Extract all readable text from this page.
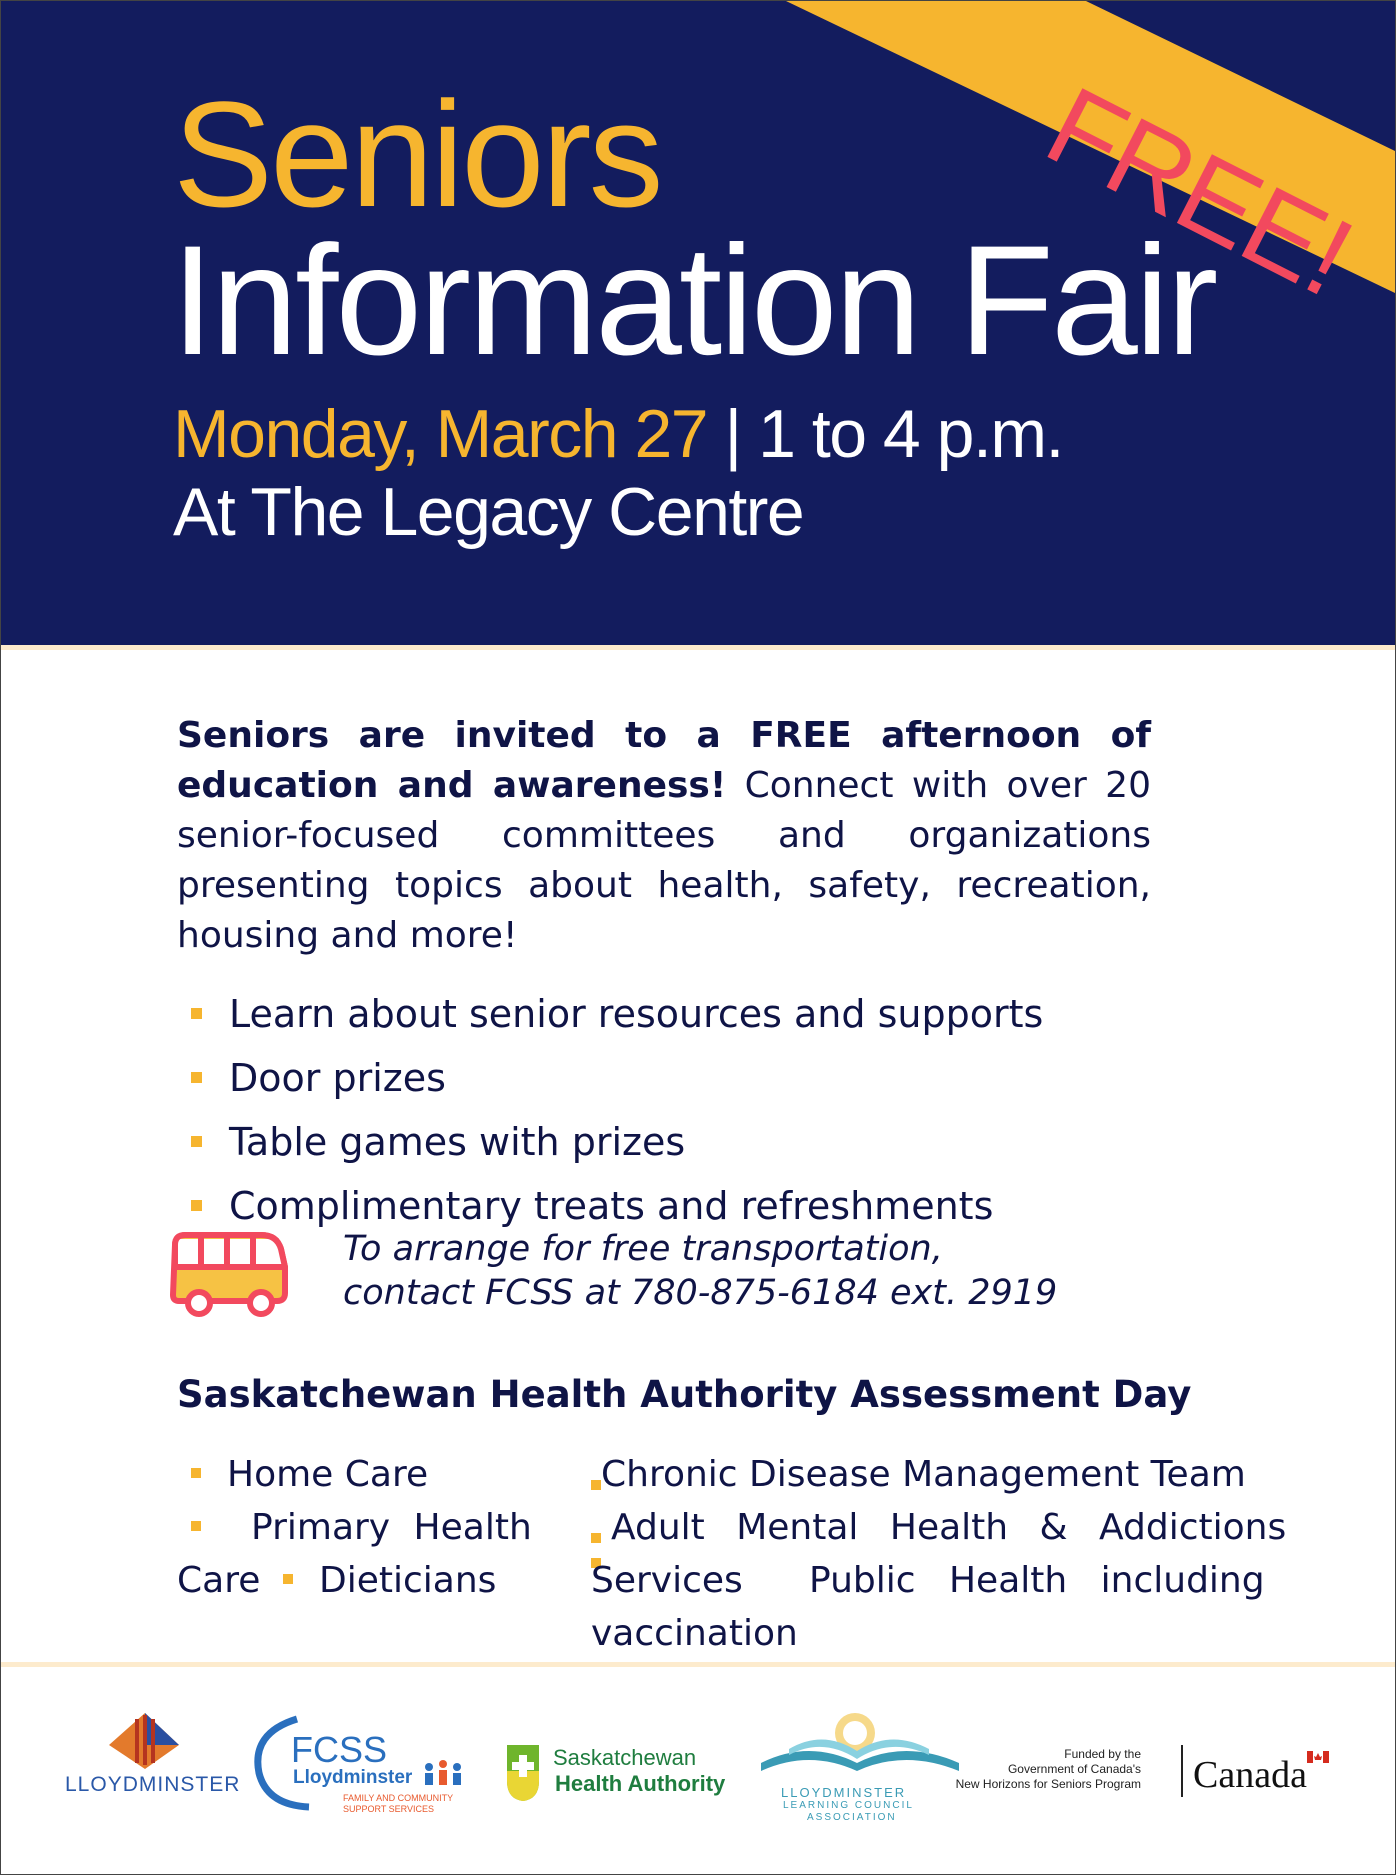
FREE!
Seniors
Information Fair
Monday, March 27 | 1 to 4 p.m.
At The Legacy Centre
Seniors are invited to a FREE afternoon of education and awareness! Connect with over 20 senior-focused committees and organizations presenting topics about health, safety, recreation, housing and more!
Learn about senior resources and supports
Door prizes
Table games with prizes
Complimentary treats and refreshments
To arrange for free transportation,
contact FCSS at 780-875-6184 ext. 2919
Saskatchewan Health Authority Assessment Day
Home Care
Primary Health
Care Dieticians
Chronic Disease Management Team
Adult Mental Health & Addictions
Services Public Health including
vaccination
LLOYDMINSTER
FCSS
Lloydminster
FAMILY AND COMMUNITY
SUPPORT SERVICES
Saskatchewan
Health Authority	LLOYDMINSTER
LEARNING COUNCIL
ASSOCIATION
Funded by the
Government of Canada's
New Horizons for Seniors Program Canada
